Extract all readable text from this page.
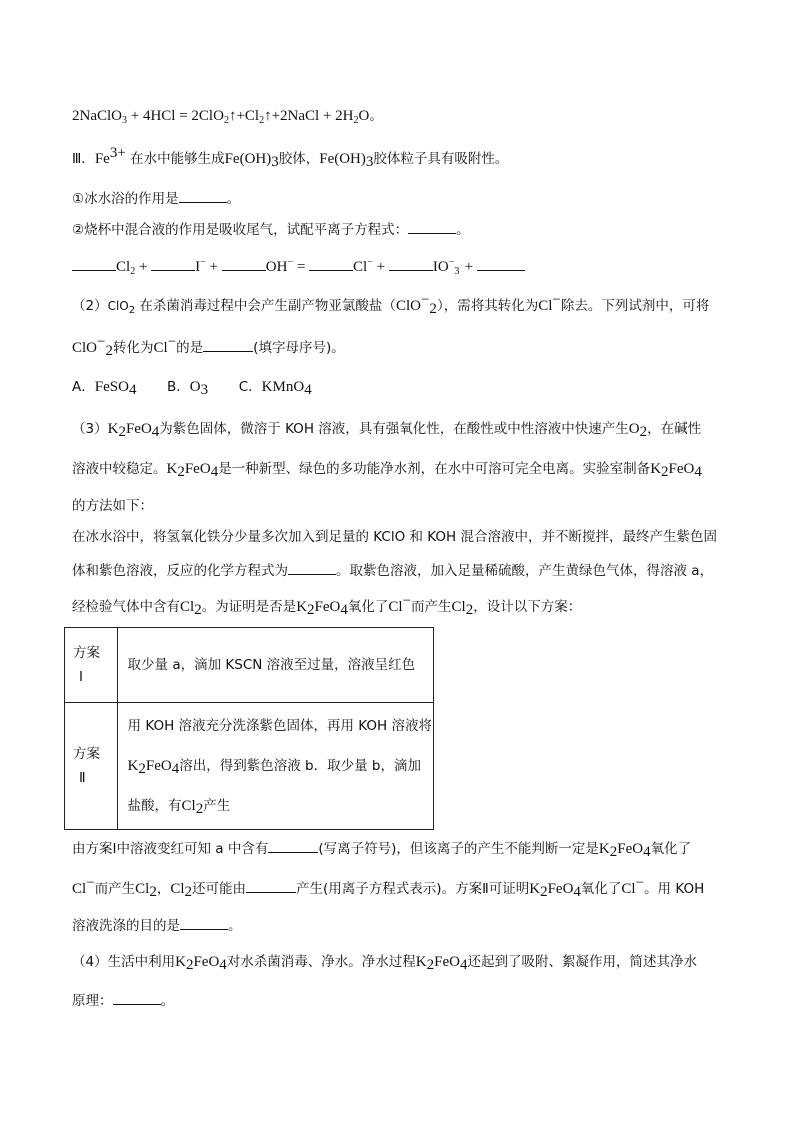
2NaClO$_3$ + $4HCl = 2ClO_2↑+Cl_2↑+2NaCl + 2H_2O$。
Ⅲ．$Fe^{3+}$ 在水中能够生成$Fe(OH)_3$胶体，$Fe(OH)_3$胶体粒子具有吸附性。
①冰水浴的作用是	。
②烧杯中混合液的作用是吸收尾气，试配平离子方程式：	。
$Cl_2$ +	I− +	OH− =	Cl− +	$IO^-_3$ +
（2）ClO$_2$ 在杀菌消毒过程中会产生副产物亚氯酸盐（ClO−$_2$），需将其转化为Cl−除去。下列试剂中，可将
ClO−$_2$转化为Cl−的是	(填字母序号)。
A．FeSO$_4$ B．$O_3$ C．KMnO$_4$
$(3)K_2FeO_4$为紫色固体，微溶于 KOH 溶液，具有强氧化性，在酸性或中性溶液中快速产生$O_2$，在碱性
溶液中较稳定。$K_2FeO_4$是一种新型、绿色的多功能净水剂，在水中可溶可完全电离。实验室制备$K_2FeO_4$
的方法如下：
在冰水浴中，将氢氧化铁分少量多次加入到足量的 KClO 和 KOH 混合溶液中，并不断搅拌，最终产生紫色固
体和紫色溶液，反应的化学方程式为	。取紫色溶液，加入足量稀硫酸，产生黄绿色气体，得溶液 a，
经检验气体中含有$Cl_2$。为证明是否是$K_2FeO_4$氧化了Cl−而产生$Cl_2$，设计以下方案：
方案
Ⅰ	取少量 a，滴加 KSCN 溶液至过量，溶液呈红色
方案
Ⅱ	用 KOH 溶液充分洗涤紫色固体，再用 KOH 溶液将
$K_2FeO_4$溶出，得到紫色溶液 b．取少量 b，滴加
盐酸，有$Cl_2$产生
由方案Ⅰ中溶液变红可知 a 中含有	(写离子符号)，但该离子的产生不能判断一定是$K_2FeO_4$氧化了
Cl−而产生$Cl_2$，$Cl_2$还可能由	产生(用离子方程式表示)。方案Ⅱ可证明$K_2FeO_4$氧化了Cl−。用 KOH
溶液洗涤的目的是	。
（4）生活中利用$K_2FeO_4$对水杀菌消毒、净水。净水过程$K_2FeO_4$还起到了吸附、絮凝作用，简述其净水
原理：	。
